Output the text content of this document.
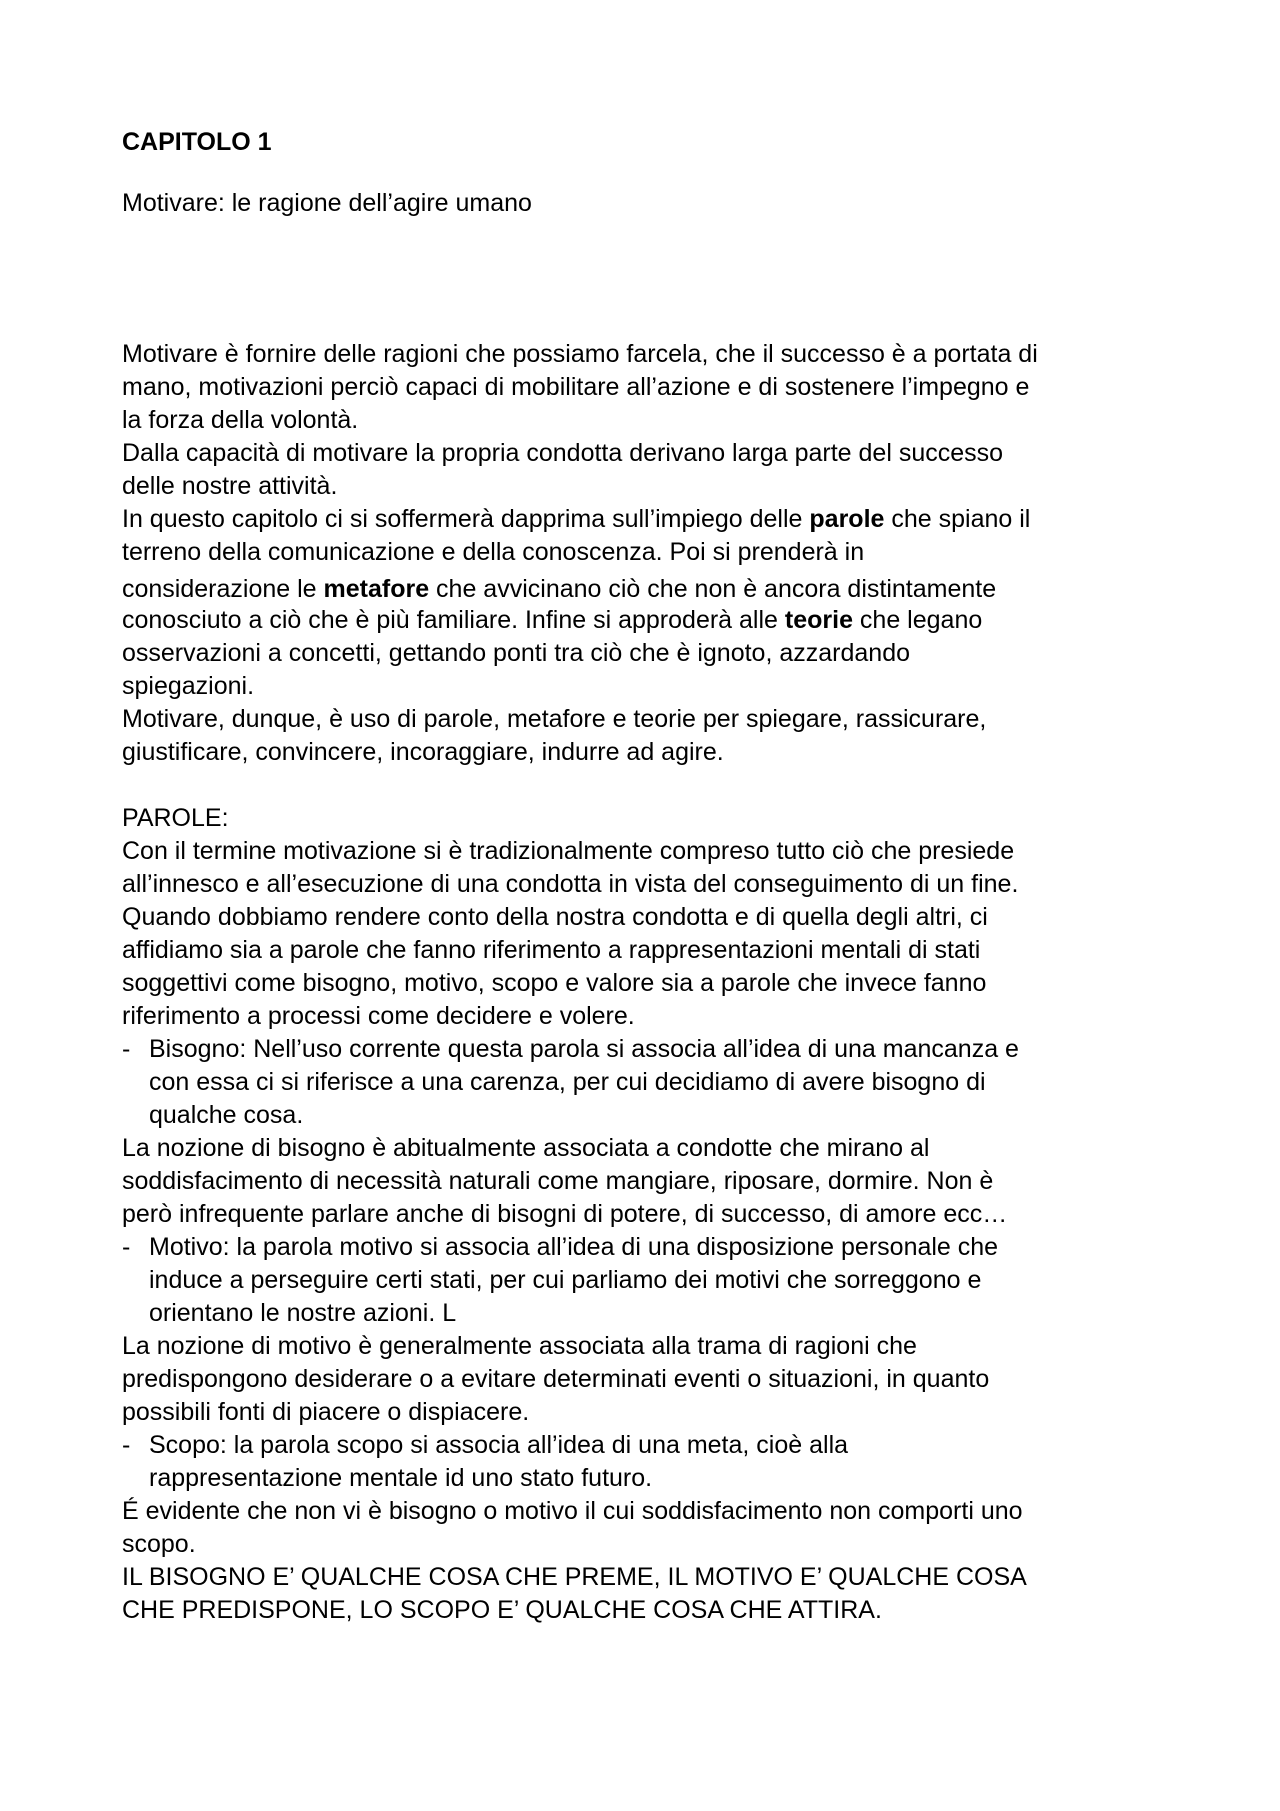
CAPITOLO 1
Motivare: le ragione dell’agire umano
Motivare è fornire delle ragioni che possiamo farcela, che il successo è a portata di
mano, motivazioni perciò capaci di mobilitare all’azione e di sostenere l’impegno e
la forza della volontà.
Dalla capacità di motivare la propria condotta derivano larga parte del successo
delle nostre attività.
In questo capitolo ci si soffermerà dapprima sull’impiego delle parole che spiano il
terreno della comunicazione e della conoscenza. Poi si prenderà in
considerazione le metafore che avvicinano ciò che non è ancora distintamente
conosciuto a ciò che è più familiare. Infine si approderà alle teorie che legano
osservazioni a concetti, gettando ponti tra ciò che è ignoto, azzardando
spiegazioni.
Motivare, dunque, è uso di parole, metafore e teorie per spiegare, rassicurare,
giustificare, convincere, incoraggiare, indurre ad agire.
PAROLE:
Con il termine motivazione si è tradizionalmente compreso tutto ciò che presiede
all’innesco e all’esecuzione di una condotta in vista del conseguimento di un fine.
Quando dobbiamo rendere conto della nostra condotta e di quella degli altri, ci
affidiamo sia a parole che fanno riferimento a rappresentazioni mentali di stati
soggettivi come bisogno, motivo, scopo e valore sia a parole che invece fanno
riferimento a processi come decidere e volere.
- Bisogno: Nell’uso corrente questa parola si associa all’idea di una mancanza e
con essa ci si riferisce a una carenza, per cui decidiamo di avere bisogno di
qualche cosa.
La nozione di bisogno è abitualmente associata a condotte che mirano al
soddisfacimento di necessità naturali come mangiare, riposare, dormire. Non è
però infrequente parlare anche di bisogni di potere, di successo, di amore ecc…
- Motivo: la parola motivo si associa all’idea di una disposizione personale che
induce a perseguire certi stati, per cui parliamo dei motivi che sorreggono e
orientano le nostre azioni. L
La nozione di motivo è generalmente associata alla trama di ragioni che
predispongono desiderare o a evitare determinati eventi o situazioni, in quanto
possibili fonti di piacere o dispiacere.
- Scopo: la parola scopo si associa all’idea di una meta, cioè alla
rappresentazione mentale id uno stato futuro.
É evidente che non vi è bisogno o motivo il cui soddisfacimento non comporti uno
scopo.
IL BISOGNO E’ QUALCHE COSA CHE PREME, IL MOTIVO E’ QUALCHE COSA
CHE PREDISPONE, LO SCOPO E’ QUALCHE COSA CHE ATTIRA.
